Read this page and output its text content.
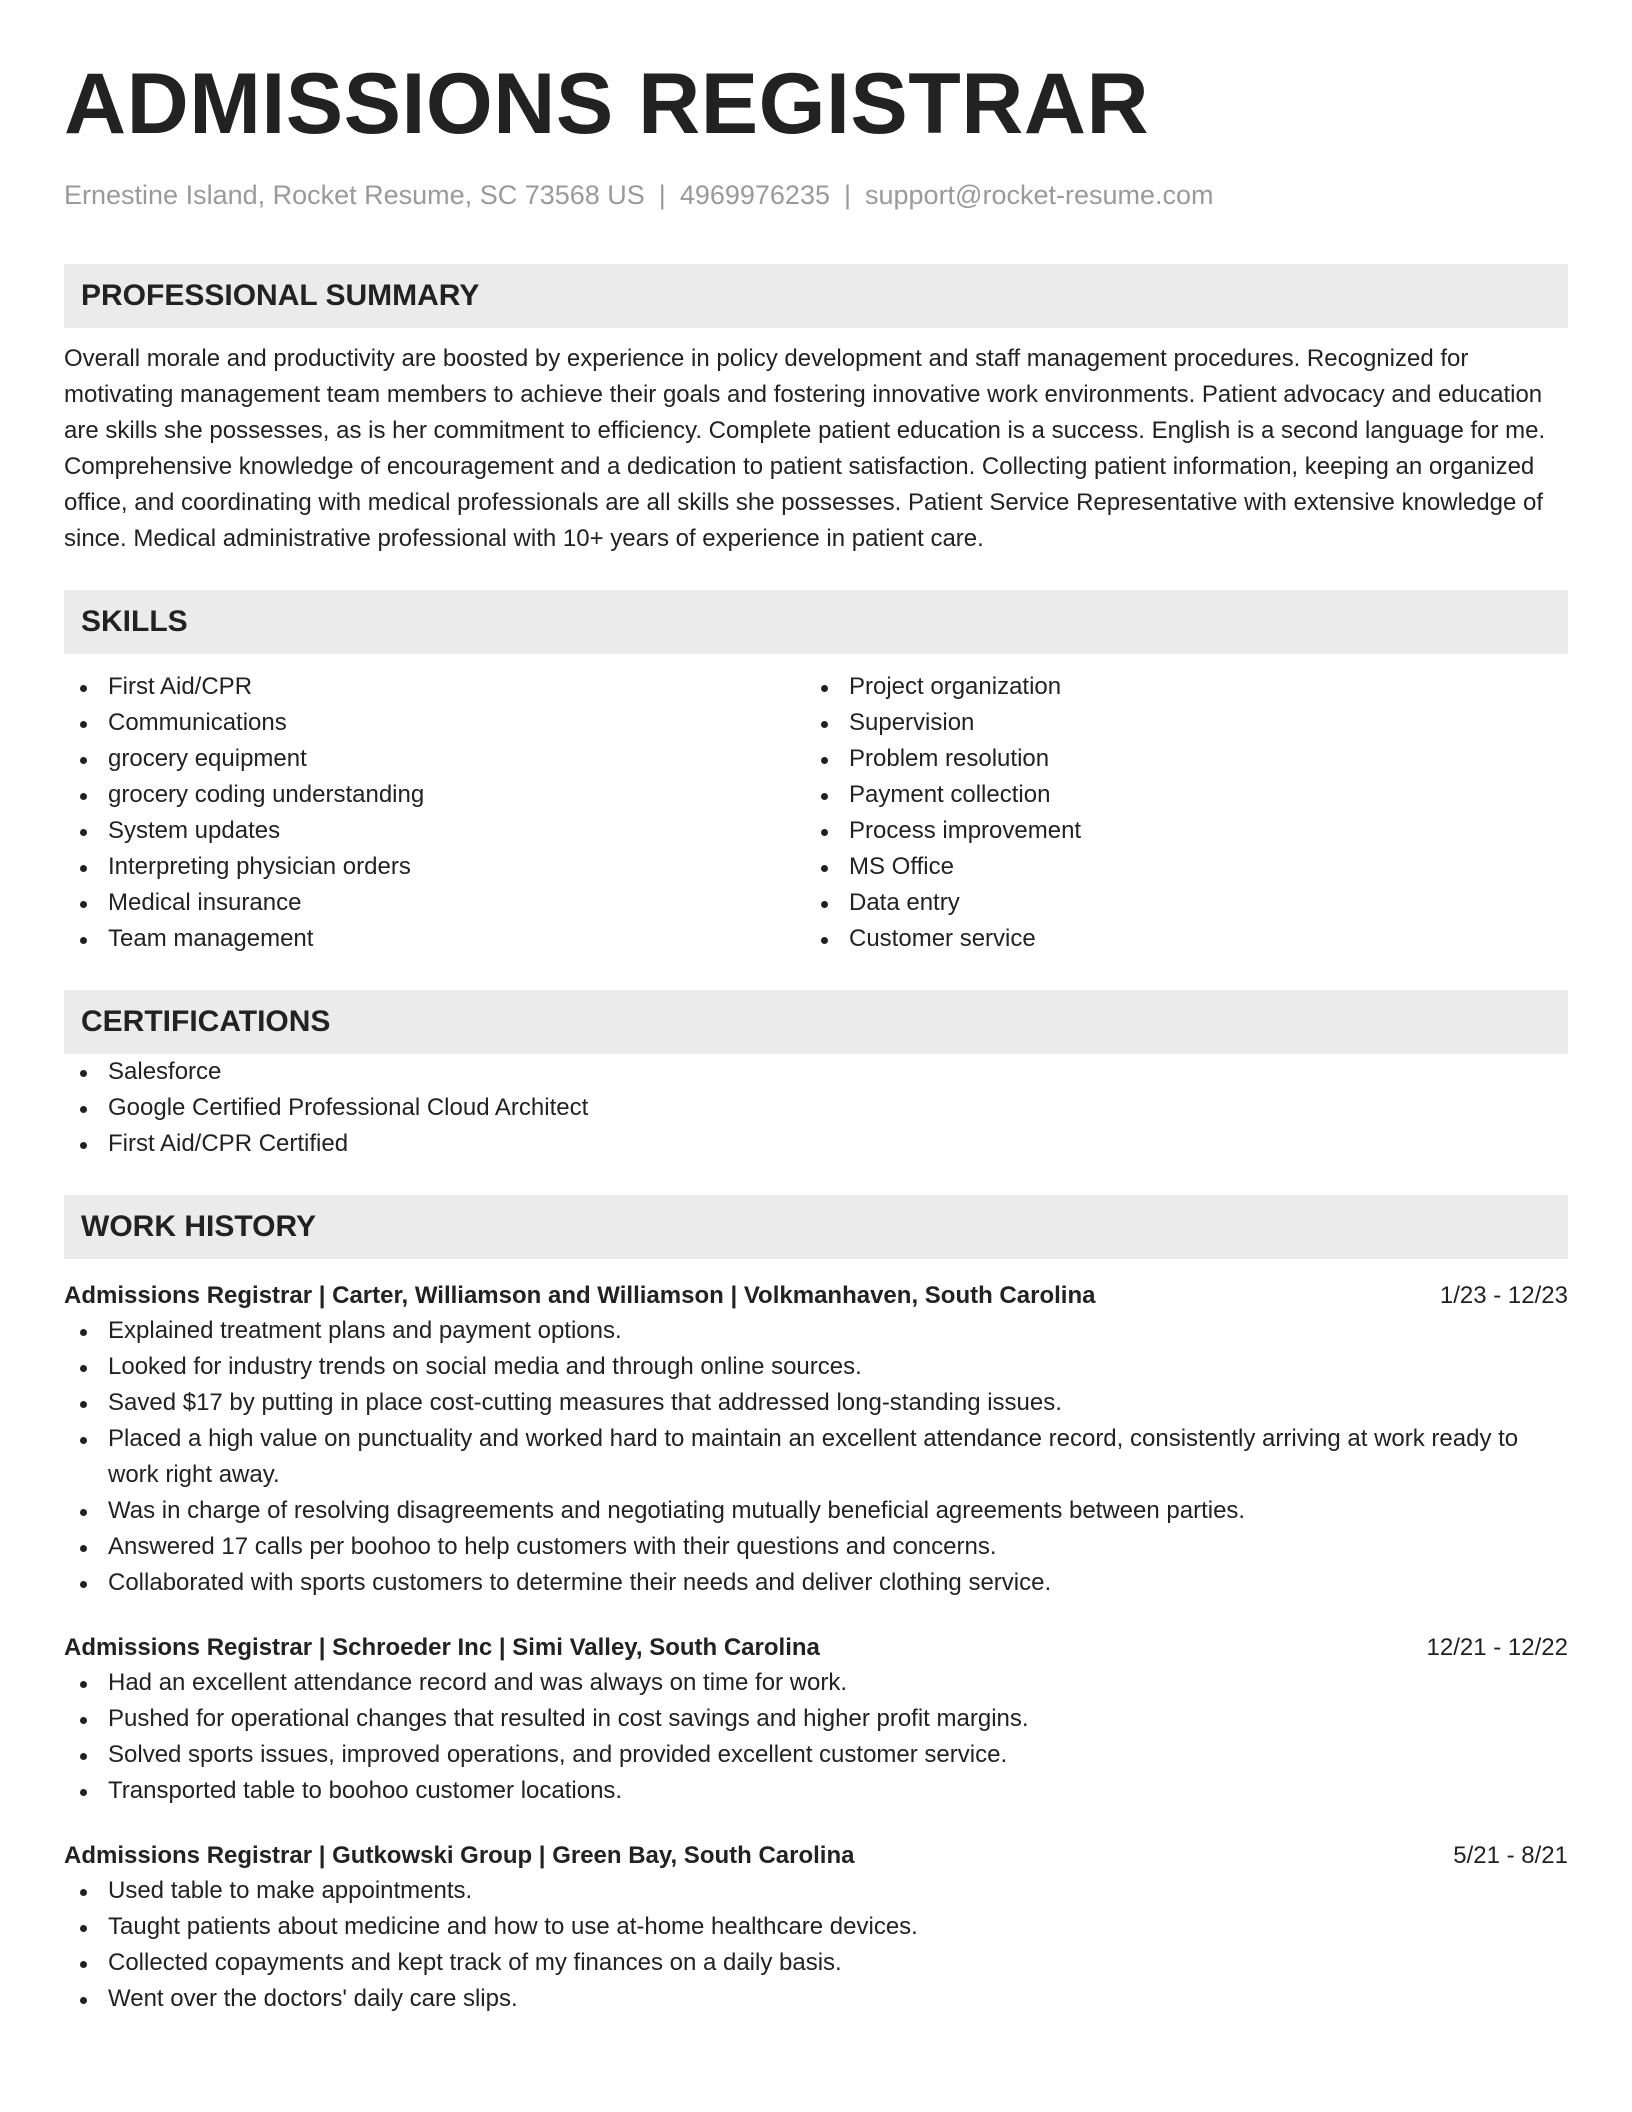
ADMISSIONS REGISTRAR
Ernestine Island, Rocket Resume, SC 73568 US | 4969976235 | support@rocket-resume.com
PROFESSIONAL SUMMARY
Overall morale and productivity are boosted by experience in policy development and staff management procedures. Recognized for motivating management team members to achieve their goals and fostering innovative work environments. Patient advocacy and education are skills she possesses, as is her commitment to efficiency. Complete patient education is a success. English is a second language for me. Comprehensive knowledge of encouragement and a dedication to patient satisfaction. Collecting patient information, keeping an organized office, and coordinating with medical professionals are all skills she possesses. Patient Service Representative with extensive knowledge of since. Medical administrative professional with 10+ years of experience in patient care.
SKILLS
First Aid/CPR
Communications
grocery equipment
grocery coding understanding
System updates
Interpreting physician orders
Medical insurance
Team management
Project organization
Supervision
Problem resolution
Payment collection
Process improvement
MS Office
Data entry
Customer service
CERTIFICATIONS
Salesforce
Google Certified Professional Cloud Architect
First Aid/CPR Certified
WORK HISTORY
Admissions Registrar | Carter, Williamson and Williamson | Volkmanhaven, South Carolina	1/23 - 12/23
Explained treatment plans and payment options.
Looked for industry trends on social media and through online sources.
Saved $17 by putting in place cost-cutting measures that addressed long-standing issues.
Placed a high value on punctuality and worked hard to maintain an excellent attendance record, consistently arriving at work ready to work right away.
Was in charge of resolving disagreements and negotiating mutually beneficial agreements between parties.
Answered 17 calls per boohoo to help customers with their questions and concerns.
Collaborated with sports customers to determine their needs and deliver clothing service.
Admissions Registrar | Schroeder Inc | Simi Valley, South Carolina	12/21 - 12/22
Had an excellent attendance record and was always on time for work.
Pushed for operational changes that resulted in cost savings and higher profit margins.
Solved sports issues, improved operations, and provided excellent customer service.
Transported table to boohoo customer locations.
Admissions Registrar | Gutkowski Group | Green Bay, South Carolina	5/21 - 8/21
Used table to make appointments.
Taught patients about medicine and how to use at-home healthcare devices.
Collected copayments and kept track of my finances on a daily basis.
Went over the doctors' daily care slips.
